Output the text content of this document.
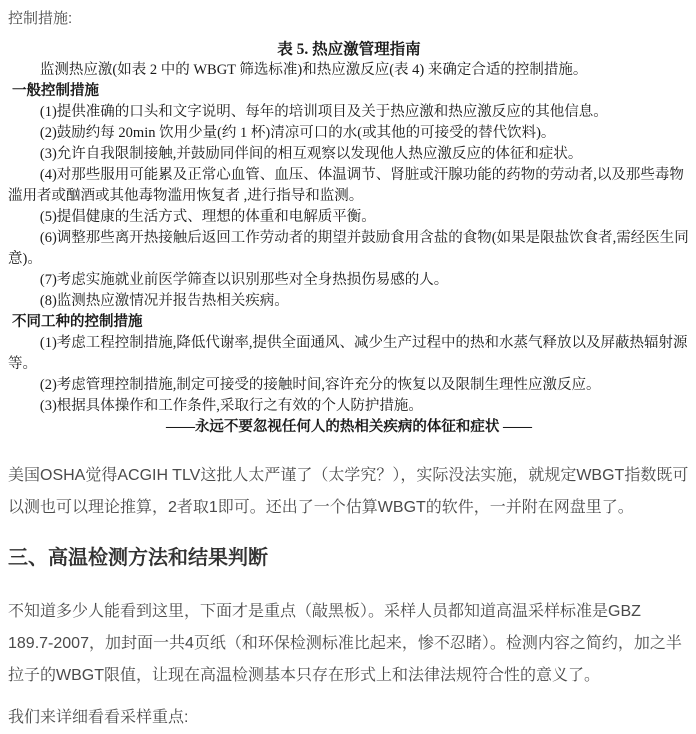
控制措施:

表 5. 热应激管理指南

监测热应激(如表 2 中的 WBGT 筛选标准)和热应激反应(表 4) 来确定合适的控制措施。

一般控制措施

(1)提供准确的口头和文字说明、每年的培训项目及关于热应激和热应激反应的其他信息。

(2)鼓励约每 20min 饮用少量(约 1 杯)清凉可口的水(或其他的可接受的替代饮料)。

(3)允许自我限制接触,并鼓励同伴间的相互观察以发现他人热应激反应的体征和症状。

(4)对那些服用可能累及正常心血管、血压、体温调节、肾脏或汗腺功能的药物的劳动者,以及那些毒物滥用者或酗酒或其他毒物滥用恢复者 ,进行指导和监测。

(5)提倡健康的生活方式、理想的体重和电解质平衡。

(6)调整那些离开热接触后返回工作劳动者的期望并鼓励食用含盐的食物(如果是限盐饮食者,需经医生同意)。

(7)考虑实施就业前医学筛查以识别那些对全身热损伤易感的人。

(8)监测热应激情况并报告热相关疾病。

不同工种的控制措施

(1)考虑工程控制措施,降低代谢率,提供全面通风、减少生产过程中的热和水蒸气释放以及屏蔽热辐射源等。

(2)考虑管理控制措施,制定可接受的接触时间,容许充分的恢复以及限制生理性应激反应。

(3)根据具体操作和工作条件,采取行之有效的个人防护措施。

——永远不要忽视任何人的热相关疾病的体征和症状 ——

美国OSHA觉得ACGIH TLV这批人太严谨了（太学究？），实际没法实施，就规定WBGT指数既可以测也可以理论推算，2者取1即可。还出了一个估算WBGT的软件，一并附在网盘里了。

三、高温检测方法和结果判断

不知道多少人能看到这里，下面才是重点（敲黑板）。采样人员都知道高温采样标准是GBZ 189.7-2007，加封面一共4页纸（和环保检测标准比起来，惨不忍睹）。检测内容之简约，加之半拉子的WBGT限值，让现在高温检测基本只存在形式上和法律法规符合性的意义了。

我们来详细看看采样重点:
